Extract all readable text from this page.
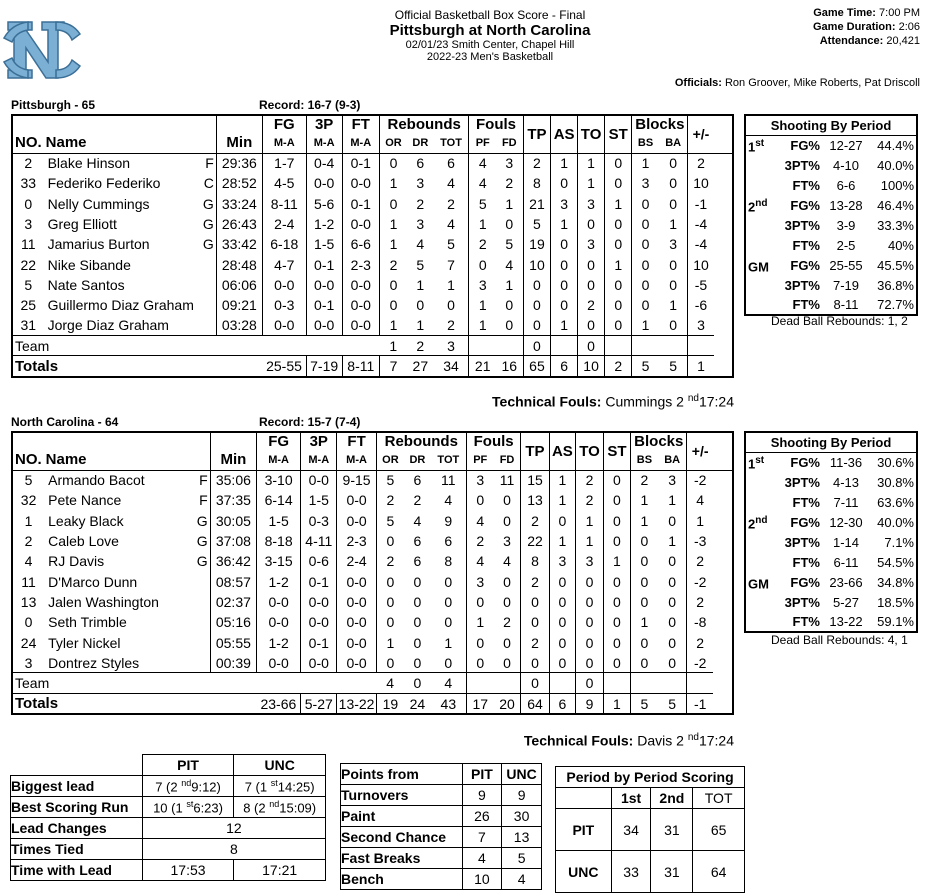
Official Basketball Box Score - Final
Pittsburgh at North Carolina
02/01/23 Smith Center, Chapel Hill
2022-23 Men's Basketball
Game Time: 7:00 PM
Game Duration: 2:06
Attendance: 20,421
Officials: Ron Groover, Mike Roberts, Pat Driscoll
Pittsburgh - 65	Record: 16-7 (9-3)
				FG	3P	FT	Rebounds			Fouls		TP	AS	TO	ST	Blocks		+/-
NO. Name			Min	M-A	M-A	M-A	OR	DR	TOT	PF	FD					BS	BA	
2	Blake Hinson	F	29:36	1-7	0-4	0-1	0	6	6	4	3	2	1	1	0	1	0	2
33	Federiko Federiko	C	28:52	4-5	0-0	0-0	1	3	4	4	2	8	0	1	0	3	0	10
0	Nelly Cummings	G	33:24	8-11	5-6	0-1	0	2	2	5	1	21	3	3	1	0	0	-1
3	Greg Elliott	G	26:43	2-4	1-2	0-0	1	3	4	1	0	5	1	0	0	0	1	-4
11	Jamarius Burton	G	33:42	6-18	1-5	6-6	1	4	5	2	5	19	0	3	0	0	3	-4
22	Nike Sibande		28:48	4-7	0-1	2-3	2	5	7	0	4	10	0	0	1	0	0	10
5	Nate Santos		06:06	0-0	0-0	0-0	0	1	1	3	1	0	0	0	0	0	0	-5
25	Guillermo Diaz Graham		09:21	0-3	0-1	0-0	0	0	0	1	0	0	0	2	0	0	1	-6
31	Jorge Diaz Graham		03:28	0-0	0-0	0-0	1	1	2	1	0	0	1	0	0	1	0	3
Team							1	2	3			0		0				
Totals				25-55	7-19	8-11	7	27	34	21	16	65	6	10	2	5	5	1
Shooting By Period		

1st FG%	12-27	44.4%

3PT%	4-10	40.0%

FT%	6-6	100%

2nd FG%	13-28	46.4%

3PT%	3-9	33.3%

FT%	2-5	40%

GM FG%	25-55	45.5%

3PT%	7-19	36.8%

FT%	8-11	72.7%
Dead Ball Rebounds: 1, 2
Technical Fouls: Cummings 2 $^{nd}$17:24
North Carolina - 64	Record: 15-7 (7-4)
				FG	3P	FT	Rebounds			Fouls		TP	AS	TO	ST	Blocks		+/-
NO. Name			Min	M-A	M-A	M-A	OR	DR	TOT	PF	FD					BS	BA	
5	Armando Bacot	F	35:06	3-10	0-0	9-15	5	6	11	3	11	15	1	2	0	2	3	-2
32	Pete Nance	F	37:35	6-14	1-5	0-0	2	2	4	0	0	13	1	2	0	1	1	4
1	Leaky Black	G	30:05	1-5	0-3	0-0	5	4	9	4	0	2	0	1	0	1	0	1
2	Caleb Love	G	37:08	8-18	4-11	2-3	0	6	6	2	3	22	1	1	0	0	1	-3
4	RJ Davis	G	36:42	3-15	0-6	2-4	2	6	8	4	4	8	3	3	1	0	0	2
11	D'Marco Dunn		08:57	1-2	0-1	0-0	0	0	0	3	0	2	0	0	0	0	0	-2
13	Jalen Washington		02:37	0-0	0-0	0-0	0	0	0	0	0	0	0	0	0	0	0	2
0	Seth Trimble		05:16	0-0	0-0	0-0	0	0	0	1	2	0	0	0	0	1	0	-8
24	Tyler Nickel		05:55	1-2	0-1	0-0	1	0	1	0	0	2	0	0	0	0	0	2
3	Dontrez Styles		00:39	0-0	0-0	0-0	0	0	0	0	0	0	0	0	0	0	0	-2
Team							4	0	4			0		0				
Totals				23-66	5-27	13-22	19	24	43	17	20	64	6	9	1	5	5	-1
Shooting By Period		

1st FG%	11-36	30.6%

3PT%	4-13	30.8%

FT%	7-11	63.6%

2nd FG%	12-30	40.0%

3PT%	1-14	7.1%

FT%	6-11	54.5%

GM FG%	23-66	34.8%

3PT%	5-27	18.5%

FT%	13-22	59.1%
Dead Ball Rebounds: 4, 1
Technical Fouls: Davis 2 $^{nd}$17:24
	PIT	UNC
Biggest lead	7 (2 $^{nd}$9:12)	7 (1 $^{st}$14:25)
Best Scoring Run	10 (1 $^{st}$6:23)	8 (2 $^{nd}$15:09)
Lead Changes	12	
Times Tied	8	
Time with Lead	17:53	17:21
Points from	PIT	UNC
Turnovers	9	9
Paint	26	30
Second Chance	7	13
Fast Breaks	4	5
Bench	10	4
Period by Period Scoring			
	1st	2nd	TOT
PIT	34	31	65
UNC	33	31	64
